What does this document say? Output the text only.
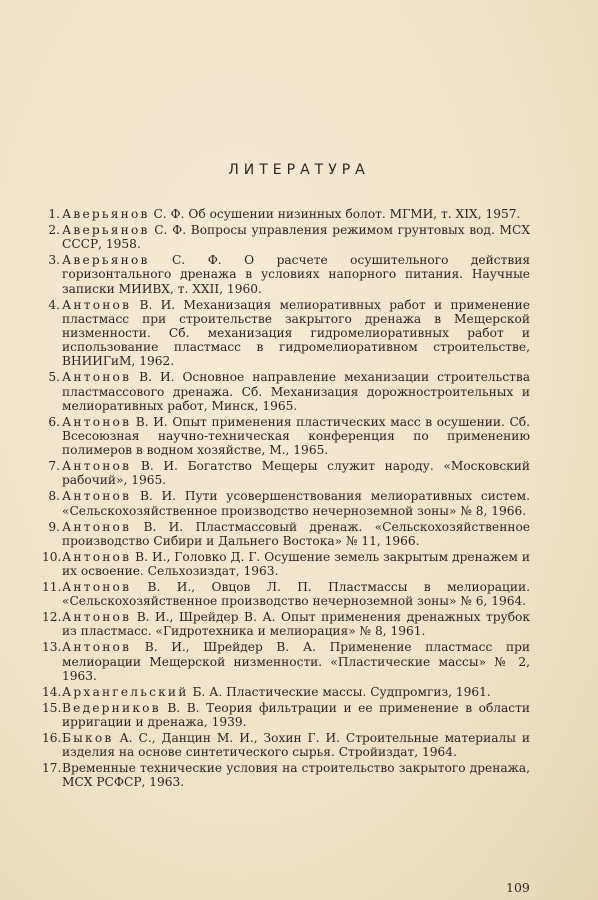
ЛИТЕРАТУРА
1. Аверьянов С. Ф. Об осушении низинных болот. МГМИ, т. XIX, 1957.
2. Аверьянов С. Ф. Вопросы управления режимом грунтовых вод. МСХ СССР, 1958.
3. Аверьянов С. Ф. О расчете осушительного действия горизонтального дренажа в условиях напорного питания. Научные записки МИИВХ, т. XXII, 1960.
4. Антонов В. И. Механизация мелиоративных работ и применение пластмасс при строительстве закрытого дренажа в Мещерской низменности. Сб. механизация гидромелиоративных работ и использование пластмасс в гидромелиоративном строительстве, ВНИИГиМ, 1962.
5. Антонов В. И. Основное направление механизации строительства пластмассового дренажа. Сб. Механизация дорожностроительных и мелиоративных работ, Минск, 1965.
6. Антонов В. И. Опыт применения пластических масс в осушении. Сб. Всесоюзная научно-техническая конференция по применению полимеров в водном хозяйстве, М., 1965.
7. Антонов В. И. Богатство Мещеры служит народу. «Московский рабочий», 1965.
8. Антонов В. И. Пути усовершенствования мелиоративных систем. «Сельскохозяйственное производство нечерноземной зоны» № 8, 1966.
9. Антонов В. И. Пластмассовый дренаж. «Сельскохозяйственное производство Сибири и Дальнего Востока» № 11, 1966.
10. Антонов В. И., Головко Д. Г. Осушение земель закрытым дренажем и их освоение. Сельхозиздат, 1963.
11. Антонов В. И., Овцов Л. П. Пластмассы в мелиорации. «Сельскохозяйственное производство нечерноземной зоны» № 6, 1964.
12. Антонов В. И., Шрейдер В. А. Опыт применения дренажных трубок из пластмасс. «Гидротехника и мелиорация» № 8, 1961.
13. Антонов В. И., Шрейдер В. А. Применение пластмасс при мелиорации Мещерской низменности. «Пластические массы» № 2, 1963.
14. Архангельский Б. А. Пластические массы. Судпромгиз, 1961.
15. Ведерников В. В. Теория фильтрации и ее применение в области ирригации и дренажа, 1939.
16. Быков А. С., Данцин М. И., Зохин Г. И. Строительные материалы и изделия на основе синтетического сырья. Стройиздат, 1964.
17. Временные технические условия на строительство закрытого дренажа, МСХ РСФСР, 1963.
109
